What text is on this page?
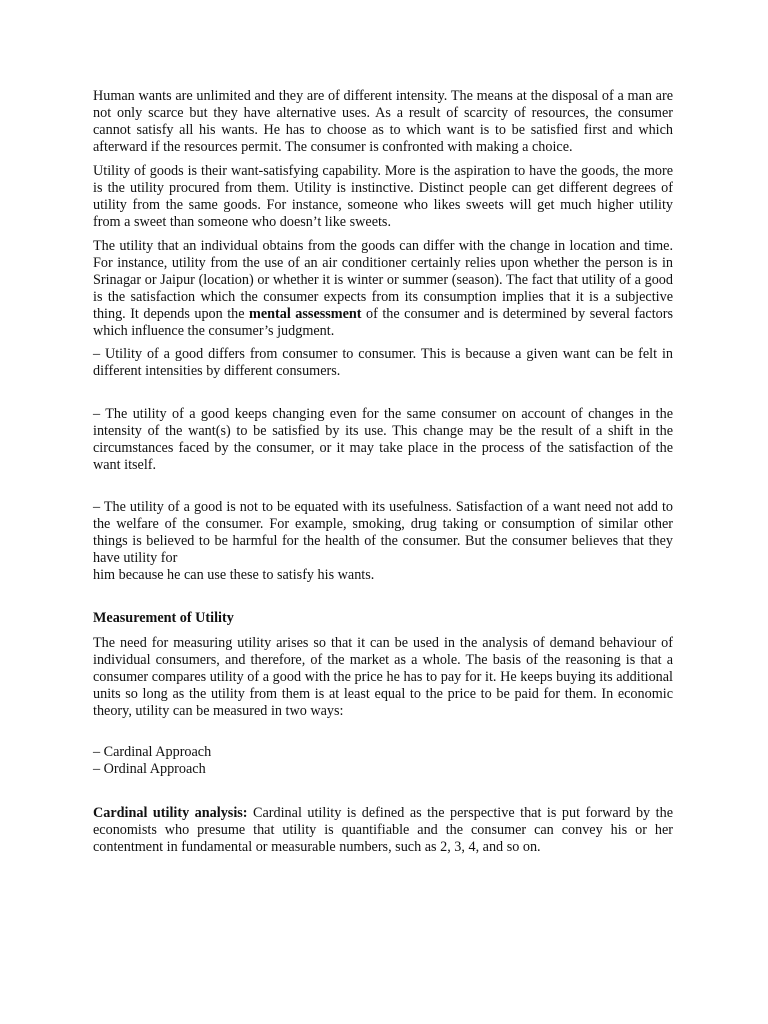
Human wants are unlimited and they are of different intensity. The means at the disposal of a man are not only scarce but they have alternative uses. As a result of scarcity of resources, the consumer cannot satisfy all his wants. He has to choose as to which want is to be satisfied first and which afterward if the resources permit. The consumer is confronted with making a choice.

Utility of goods is their want-satisfying capability. More is the aspiration to have the goods, the more is the utility procured from them. Utility is instinctive. Distinct people can get different degrees of utility from the same goods. For instance, someone who likes sweets will get much higher utility from a sweet than someone who doesn’t like sweets.

The utility that an individual obtains from the goods can differ with the change in location and time. For instance, utility from the use of an air conditioner certainly relies upon whether the person is in Srinagar or Jaipur (location) or whether it is winter or summer (season). The fact that utility of a good is the satisfaction which the consumer expects from its consumption implies that it is a subjective thing. It depends upon the mental assessment of the consumer and is determined by several factors which influence the consumer’s judgment.

– Utility of a good differs from consumer to consumer. This is because a given want can be felt in different intensities by different consumers.

– The utility of a good keeps changing even for the same consumer on account of changes in the intensity of the want(s) to be satisfied by its use. This change may be the result of a shift in the circumstances faced by the consumer, or it may take place in the process of the satisfaction of the want itself.

– The utility of a good is not to be equated with its usefulness. Satisfaction of a want need not add to the welfare of the consumer. For example, smoking, drug taking or consumption of similar other things is believed to be harmful for the health of the consumer. But the consumer believes that they have utility for

him because he can use these to satisfy his wants.

Measurement of Utility

The need for measuring utility arises so that it can be used in the analysis of demand behaviour of individual consumers, and therefore, of the market as a whole. The basis of the reasoning is that a consumer compares utility of a good with the price he has to pay for it. He keeps buying its additional units so long as the utility from them is at least equal to the price to be paid for them. In economic theory, utility can be measured in two ways:

– Cardinal Approach

– Ordinal Approach

Cardinal utility analysis: Cardinal utility is defined as the perspective that is put forward by the economists who presume that utility is quantifiable and the consumer can convey his or her contentment in fundamental or measurable numbers, such as 2, 3, 4, and so on.
